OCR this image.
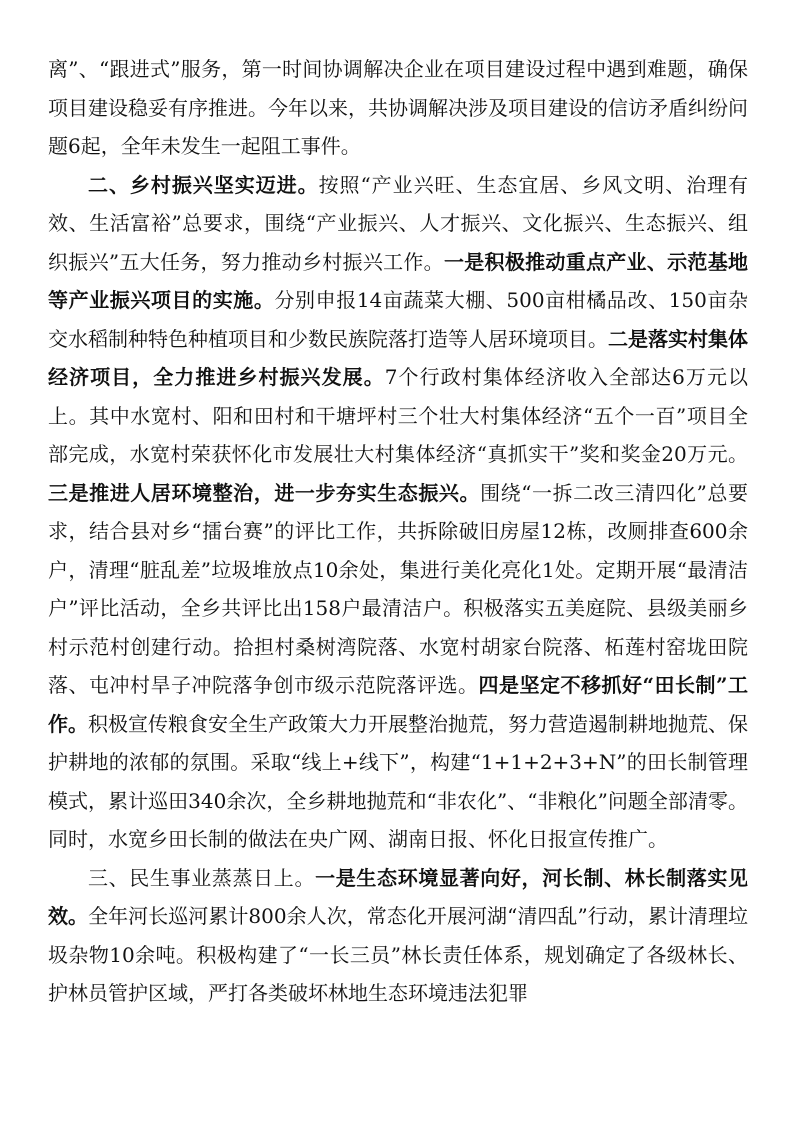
离”、“跟进式”服务，第一时间协调解决企业在项目建设过程中遇到难题，确保项目建设稳妥有序推进。今年以来，共协调解决涉及项目建设的信访矛盾纠纷问题6起，全年未发生一起阻工事件。

二、乡村振兴坚实迈进。按照“产业兴旺、生态宜居、乡风文明、治理有效、生活富裕”总要求，围绕“产业振兴、人才振兴、文化振兴、生态振兴、组织振兴”五大任务，努力推动乡村振兴工作。一是积极推动重点产业、示范基地等产业振兴项目的实施。分别申报14亩蔬菜大棚、500亩柑橘品改、150亩杂交水稻制种特色种植项目和少数民族院落打造等人居环境项目。二是落实村集体经济项目，全力推进乡村振兴发展。7个行政村集体经济收入全部达6万元以上。其中水宽村、阳和田村和干塘坪村三个壮大村集体经济“五个一百”项目全部完成，水宽村荣获怀化市发展壮大村集体经济“真抓实干”奖和奖金20万元。三是推进人居环境整治，进一步夯实生态振兴。围绕“一拆二改三清四化”总要求，结合县对乡“擂台赛”的评比工作，共拆除破旧房屋12栋，改厕排查600余户，清理“脏乱差”垃圾堆放点10余处，集进行美化亮化1处。定期开展“最清洁户”评比活动，全乡共评比出158户最清洁户。积极落实五美庭院、县级美丽乡村示范村创建行动。拾担村桑树湾院落、水宽村胡家台院落、柘莲村窑垅田院落、屯冲村旱子冲院落争创市级示范院落评选。四是坚定不移抓好“田长制”工作。积极宣传粮食安全生产政策大力开展整治抛荒，努力营造遏制耕地抛荒、保护耕地的浓郁的氛围。采取“线上+线下”，构建“1+1+2+3+N”的田长制管理模式，累计巡田340余次，全乡耕地抛荒和“非农化”、“非粮化”问题全部清零。同时，水宽乡田长制的做法在央广网、湖南日报、怀化日报宣传推广。

三、民生事业蒸蒸日上。一是生态环境显著向好，河长制、林长制落实见效。全年河长巡河累计800余人次，常态化开展河湖“清四乱”行动，累计清理垃圾杂物10余吨。积极构建了“一长三员”林长责任体系，规划确定了各级林长、护林员管护区域，严打各类破坏林地生态环境违法犯罪
